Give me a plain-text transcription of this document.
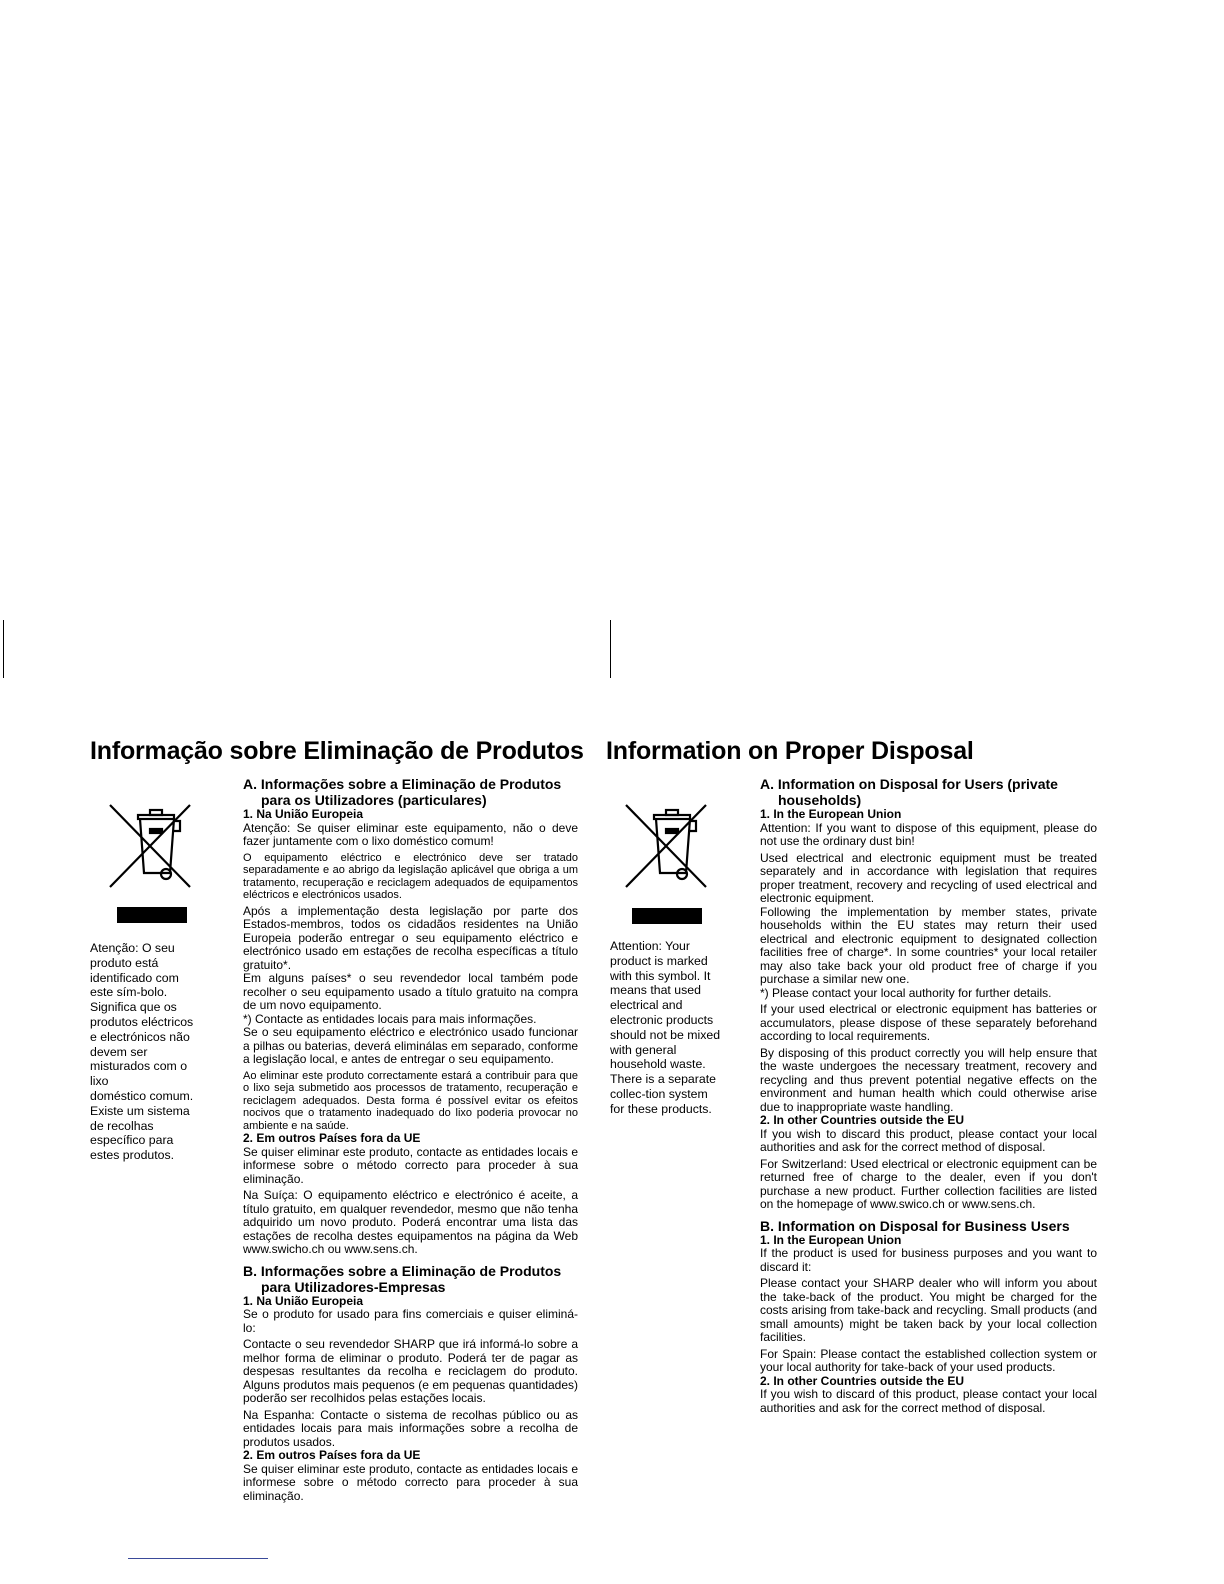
Informação sobre Eliminação de Produtos

Atenção: O seu
produto está
identificado com
este sím-bolo.
Significa que os
produtos eléctricos
e electrónicos não
devem ser
misturados com o
lixo
doméstico comum.
Existe um sistema
de recolhas
específico para
estes produtos.

A. Informações sobre a Eliminação de Produtos para os Utilizadores (particulares)
1. Na União Europeia

Atenção: Se quiser eliminar este equipamento, não o deve fazer juntamente com o lixo doméstico comum!

O equipamento eléctrico e electrónico deve ser tratado separadamente e ao abrigo da legislação aplicável que obriga a um tratamento, recuperação e reciclagem adequados de equipamentos eléctricos e electrónicos usados.

Após a implementação desta legislação por parte dos Estados-membros, todos os cidadãos residentes na União Europeia poderão entregar o seu equipamento eléctrico e electrónico usado em estações de recolha específicas a título gratuito*.

Em alguns países* o seu revendedor local também pode recolher o seu equipamento usado a título gratuito na compra de um novo equipamento.

*) Contacte as entidades locais para mais informações.

Se o seu equipamento eléctrico e electrónico usado funcionar a pilhas ou baterias, deverá eliminálas em separado, conforme a legislação local, e antes de entregar o seu equipamento.

Ao eliminar este produto correctamente estará a contribuir para que o lixo seja submetido aos processos de tratamento, recuperação e reciclagem adequados. Desta forma é possível evitar os efeitos nocivos que o tratamento inadequado do lixo poderia provocar no ambiente e na saúde.

2. Em outros Países fora da UE

Se quiser eliminar este produto, contacte as entidades locais e informese sobre o método correcto para proceder à sua eliminação.

Na Suíça: O equipamento eléctrico e electrónico é aceite, a título gratuito, em qualquer revendedor, mesmo que não tenha adquirido um novo produto. Poderá encontrar uma lista das estações de recolha destes equipamentos na página da Web www.swicho.ch ou www.sens.ch.

B. Informações sobre a Eliminação de Produtos para Utilizadores-Empresas
1. Na União Europeia

Se o produto for usado para fins comerciais e quiser eliminá-lo:

Contacte o seu revendedor SHARP que irá informá-lo sobre a melhor forma de eliminar o produto. Poderá ter de pagar as despesas resultantes da recolha e reciclagem do produto. Alguns produtos mais pequenos (e em pequenas quantidades) poderão ser recolhidos pelas estações locais.

Na Espanha: Contacte o sistema de recolhas público ou as entidades locais para mais informações sobre a recolha de produtos usados.

2. Em outros Países fora da UE

Se quiser eliminar este produto, contacte as entidades locais e informese sobre o método correcto para proceder à sua eliminação.

Information on Proper Disposal

Attention: Your
product is marked
with this symbol. It
means that used
electrical and
electronic products
should not be mixed
with general
household waste.
There is a separate
collec-tion system
for these products.

A. Information on Disposal for Users (private households)
1. In the European Union

Attention: If you want to dispose of this equipment, please do not use the ordinary dust bin!

Used electrical and electronic equipment must be treated separately and in accordance with legislation that requires proper treatment, recovery and recycling of used electrical and electronic equipment.

Following the implementation by member states, private households within the EU states may return their used electrical and electronic equipment to designated collection facilities free of charge*. In some countries* your local retailer may also take back your old product free of charge if you purchase a similar new one.

*) Please contact your local authority for further details.

If your used electrical or electronic equipment has batteries or accumulators, please dispose of these separately beforehand according to local requirements.

By disposing of this product correctly you will help ensure that the waste undergoes the necessary treatment, recovery and recycling and thus prevent potential negative effects on the environment and human health which could otherwise arise due to inappropriate waste handling.

2. In other Countries outside the EU

If you wish to discard this product, please contact your local authorities and ask for the correct method of disposal.

For Switzerland: Used electrical or electronic equipment can be returned free of charge to the dealer, even if you don't purchase a new product. Further collection facilities are listed on the homepage of www.swico.ch or www.sens.ch.

B. Information on Disposal for Business Users
1. In the European Union

If the product is used for business purposes and you want to discard it:

Please contact your SHARP dealer who will inform you about the take-back of the product. You might be charged for the costs arising from take-back and recycling. Small products (and small amounts) might be taken back by your local collection facilities.

For Spain: Please contact the established collection system or your local authority for take-back of your used products.

2. In other Countries outside the EU

If you wish to discard of this product, please contact your local authorities and ask for the correct method of disposal.
